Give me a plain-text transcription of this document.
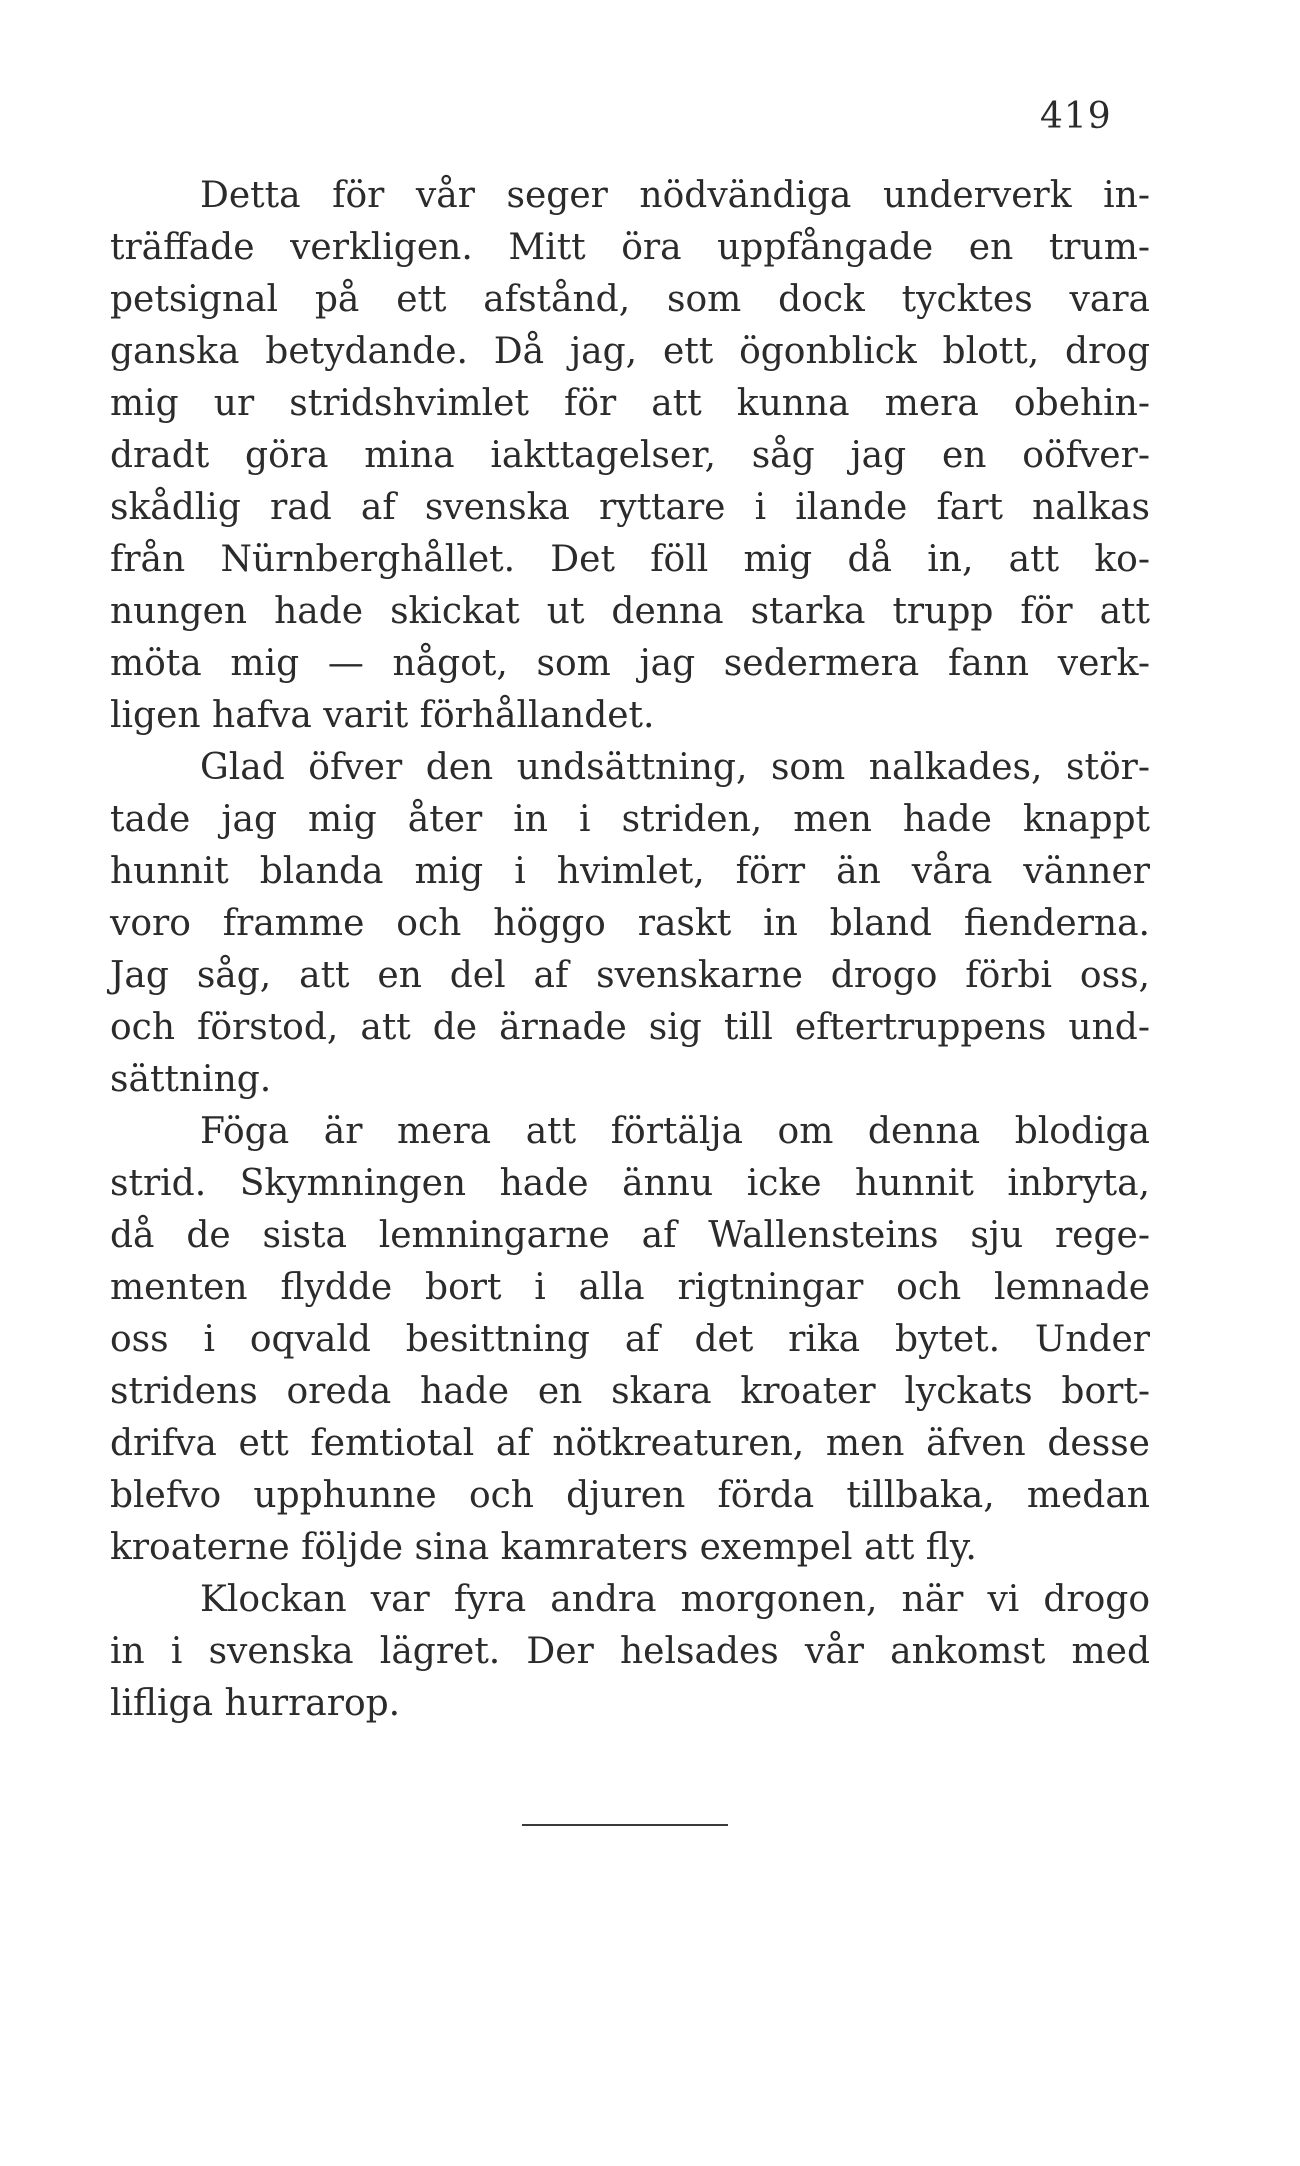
419
Detta för vår seger nödvändiga underverk in-
träffade verkligen. Mitt öra uppfångade en trum-
petsignal på ett afstånd, som dock tycktes vara
ganska betydande. Då jag, ett ögonblick blott, drog
mig ur stridshvimlet för att kunna mera obehin-
dradt göra mina iakttagelser, såg jag en oöfver-
skådlig rad af svenska ryttare i ilande fart nalkas
från Nürnberghållet. Det föll mig då in, att ko-
nungen hade skickat ut denna starka trupp för att
möta mig — något, som jag sedermera fann verk-
ligen hafva varit förhållandet.
Glad öfver den undsättning, som nalkades, stör-
tade jag mig åter in i striden, men hade knappt
hunnit blanda mig i hvimlet, förr än våra vänner
voro framme och höggo raskt in bland fienderna.
Jag såg, att en del af svenskarne drogo förbi oss,
och förstod, att de ärnade sig till eftertruppens und-
sättning.
Föga är mera att förtälja om denna blodiga
strid. Skymningen hade ännu icke hunnit inbryta,
då de sista lemningarne af Wallensteins sju rege-
menten flydde bort i alla rigtningar och lemnade
oss i oqvald besittning af det rika bytet. Under
stridens oreda hade en skara kroater lyckats bort-
drifva ett femtiotal af nötkreaturen, men äfven desse
blefvo upphunne och djuren förda tillbaka, medan
kroaterne följde sina kamraters exempel att fly.
Klockan var fyra andra morgonen, när vi drogo
in i svenska lägret. Der helsades vår ankomst med
lifliga hurrarop.
